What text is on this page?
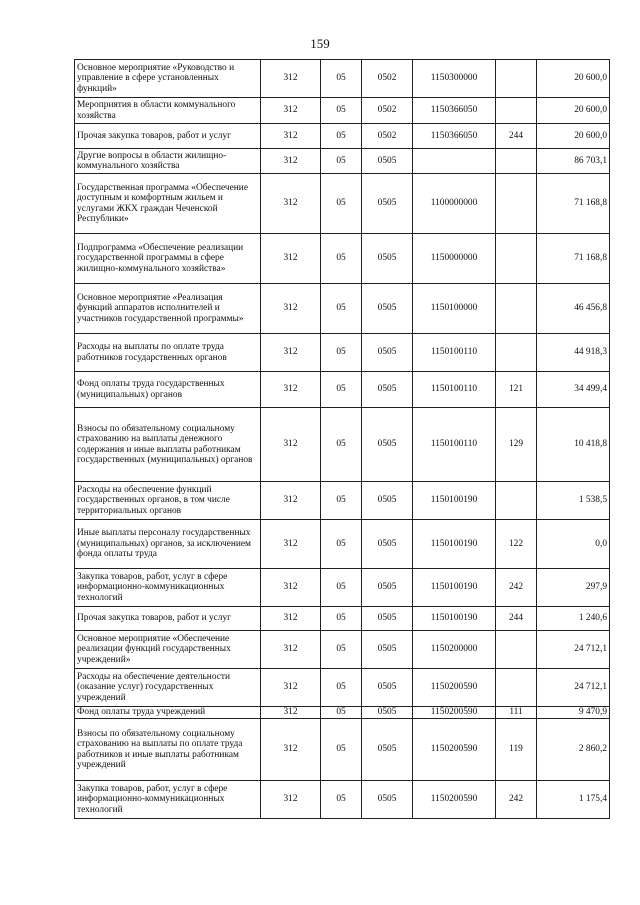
159
Основное мероприятие «Руководство и управление в сфере установленных функций»	312	05	0502	1150300000		20 600,0
Мероприятия в области коммунального хозяйства	312	05	0502	1150366050		20 600,0
Прочая закупка товаров, работ и услуг	312	05	0502	1150366050	244	20 600,0
Другие вопросы в области жилищно-коммунального хозяйства	312	05	0505			86 703,1
Государственная программа «Обеспечение доступным и комфортным жильем и услугами ЖКХ граждан Чеченской Республики»	312	05	0505	1100000000		71 168,8
Подпрограмма «Обеспечение реализации государственной программы в сфере жилищно-коммунального хозяйства»	312	05	0505	1150000000		71 168,8
Основное мероприятие «Реализация функций аппаратов исполнителей и участников государственной программы»	312	05	0505	1150100000		46 456,8
Расходы на выплаты по оплате труда работников государственных органов	312	05	0505	1150100110		44 918,3
Фонд оплаты труда государственных (муниципальных) органов	312	05	0505	1150100110	121	34 499,4
Взносы по обязательному социальному страхованию на выплаты денежного содержания и иные выплаты работникам государственных (муниципальных) органов	312	05	0505	1150100110	129	10 418,8
Расходы на обеспечение функций государственных органов, в том числе территориальных органов	312	05	0505	1150100190		1 538,5
Иные выплаты персоналу государственных (муниципальных) органов, за исключением фонда оплаты труда	312	05	0505	1150100190	122	0,0
Закупка товаров, работ, услуг в сфере информационно-коммуникационных технологий	312	05	0505	1150100190	242	297,9
Прочая закупка товаров, работ и услуг	312	05	0505	1150100190	244	1 240,6
Основное мероприятие «Обеспечение реализации функций государственных учреждений»	312	05	0505	1150200000		24 712,1
Расходы на обеспечение деятельности (оказание услуг) государственных учреждений	312	05	0505	1150200590		24 712,1
Фонд оплаты труда учреждений	312	05	0505	1150200590	111	9 470,9
Взносы по обязательному социальному страхованию на выплаты по оплате труда работников и иные выплаты работникам учреждений	312	05	0505	1150200590	119	2 860,2
Закупка товаров, работ, услуг в сфере информационно-коммуникационных технологий	312	05	0505	1150200590	242	1 175,4
